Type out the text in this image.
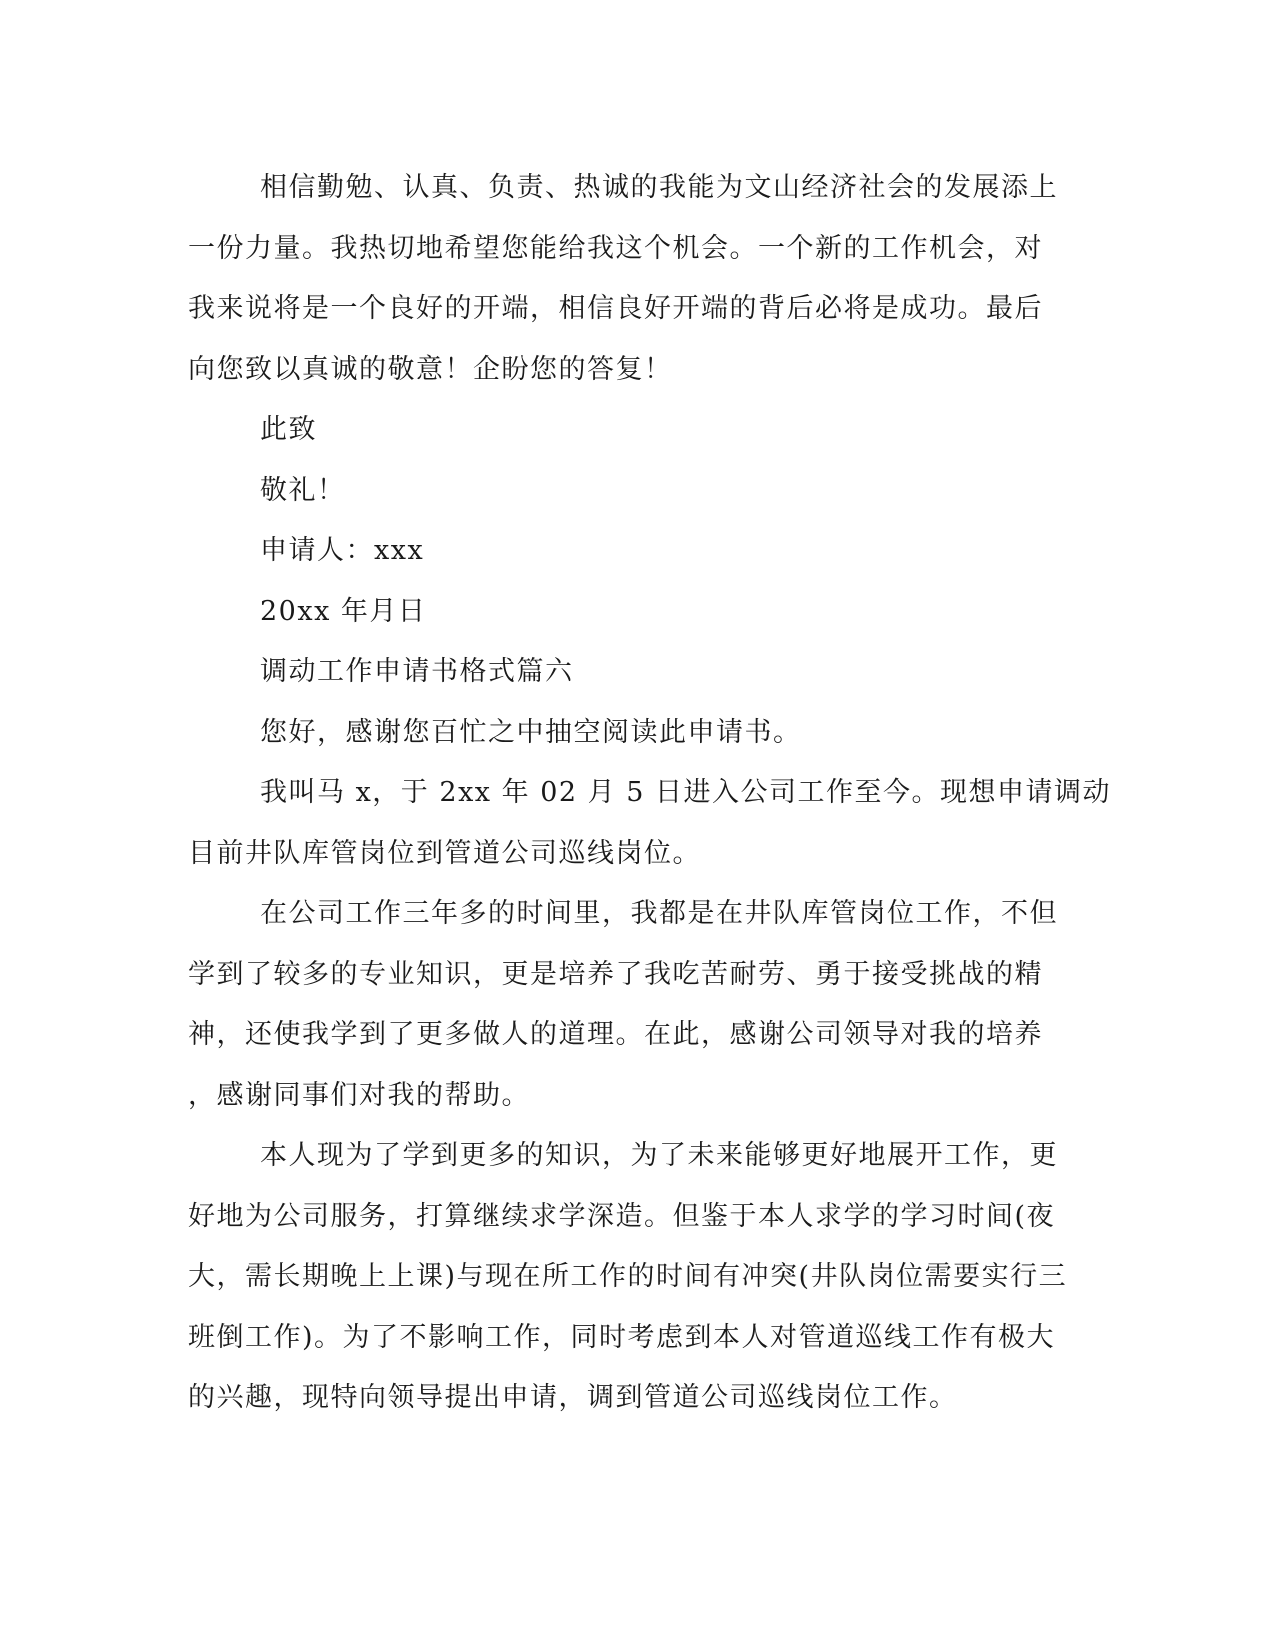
相信勤勉、认真、负责、热诚的我能为文山经济社会的发展添上
一份力量。我热切地希望您能给我这个机会。一个新的工作机会，对
我来说将是一个良好的开端，相信良好开端的背后必将是成功。最后
向您致以真诚的敬意！企盼您的答复！

此致

敬礼！

申请人：xxx

20xx 年月日

调动工作申请书格式篇六

您好，感谢您百忙之中抽空阅读此申请书。

我叫马 x，于 2xx 年 02 月 5 日进入公司工作至今。现想申请调动
目前井队库管岗位到管道公司巡线岗位。

在公司工作三年多的时间里，我都是在井队库管岗位工作，不但
学到了较多的专业知识，更是培养了我吃苦耐劳、勇于接受挑战的精
神，还使我学到了更多做人的道理。在此，感谢公司领导对我的培养
，感谢同事们对我的帮助。

本人现为了学到更多的知识，为了未来能够更好地展开工作，更
好地为公司服务，打算继续求学深造。但鉴于本人求学的学习时间(夜
大，需长期晚上上课)与现在所工作的时间有冲突(井队岗位需要实行三
班倒工作)。为了不影响工作，同时考虑到本人对管道巡线工作有极大
的兴趣，现特向领导提出申请，调到管道公司巡线岗位工作。
